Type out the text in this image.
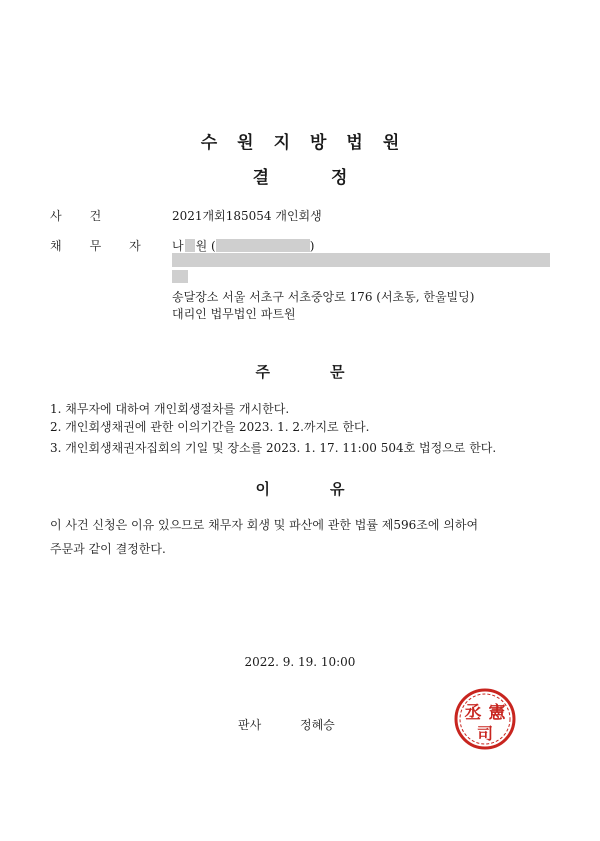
수원지방법원
결정
사건	2021개회185054 개인회생
채무자 나 원 (	)
송달장소 서울 서초구 서초중앙로 176 (서초동, 한울빌딩)
대리인 법무법인 파트원
주문
1. 채무자에 대하여 개인회생절차를 개시한다.
2. 개인회생채권에 관한 이의기간을 2023. 1. 2.까지로 한다.
3. 개인회생채권자집회의 기일 및 장소를 2023. 1. 17. 11:00 504호 법정으로 한다.
이유
이 사건 신청은 이유 있으므로 채무자 회생 및 파산에 관한 법률 제596조에 의하여
주문과 같이 결정한다.
2022. 9. 19. 10:00
판사	정혜승
丞 憲
司
